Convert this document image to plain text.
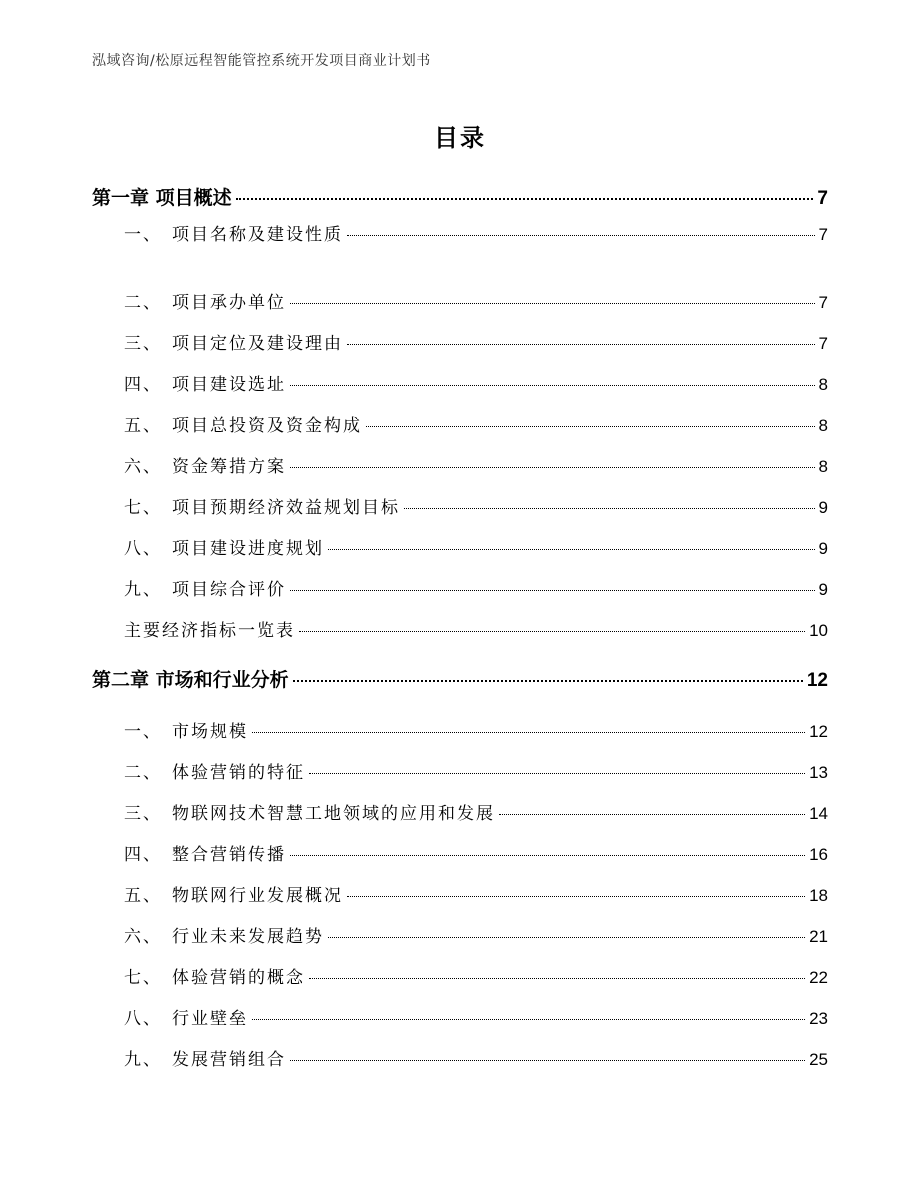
泓域咨询/松原远程智能管控系统开发项目商业计划书
目录
第一章 项目概述	7
一、 项目名称及建设性质	7
二、 项目承办单位	7
三、 项目定位及建设理由	7
四、 项目建设选址	8
五、 项目总投资及资金构成	8
六、 资金筹措方案	8
七、 项目预期经济效益规划目标	9
八、 项目建设进度规划	9
九、 项目综合评价	9
主要经济指标一览表	10
第二章 市场和行业分析	12
一、 市场规模	12
二、 体验营销的特征	13
三、 物联网技术智慧工地领域的应用和发展	14
四、 整合营销传播	16
五、 物联网行业发展概况	18
六、 行业未来发展趋势	21
七、 体验营销的概念	22
八、 行业壁垒	23
九、 发展营销组合	25
